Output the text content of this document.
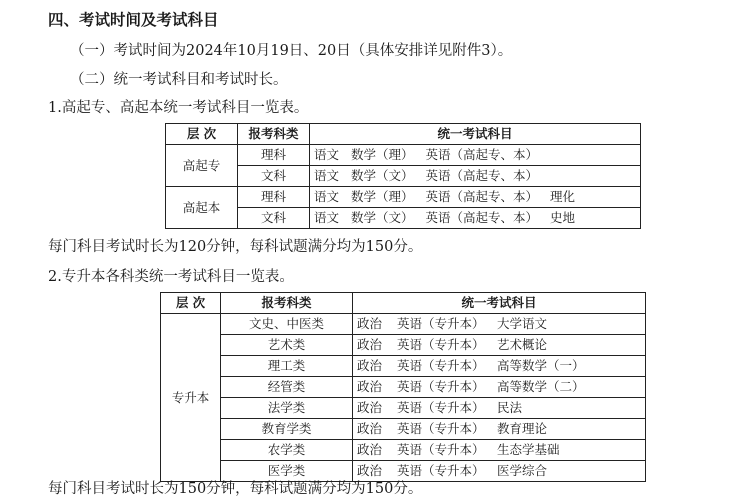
四、考试时间及考试科目
（一）考试时间为2024年10月19日、20日（具体安排详见附件3）。
（二）统一考试科目和考试时长。
1.高起专、高起本统一考试科目一览表。
层 次	报考科类	统一考试科目
高起专	理科	语文 数学（理） 英语（高起专、本）
	文科	语文 数学（文） 英语（高起专、本）
高起本	理科	语文 数学（理） 英语（高起专、本） 理化
	文科	语文 数学（文） 英语（高起专、本） 史地
每门科目考试时长为120分钟，每科试题满分均为150分。
2.专升本各科类统一考试科目一览表。
层 次	报考科类	统一考试科目
专升本	文史、中医类	政治 英语（专升本） 大学语文
	艺术类	政治 英语（专升本） 艺术概论
	理工类	政治 英语（专升本） 高等数学（一）
	经管类	政治 英语（专升本） 高等数学（二）
	法学类	政治 英语（专升本） 民法
	教育学类	政治 英语（专升本） 教育理论
	农学类	政治 英语（专升本） 生态学基础
	医学类	政治 英语（专升本） 医学综合
每门科目考试时长为150分钟，每科试题满分均为150分。
